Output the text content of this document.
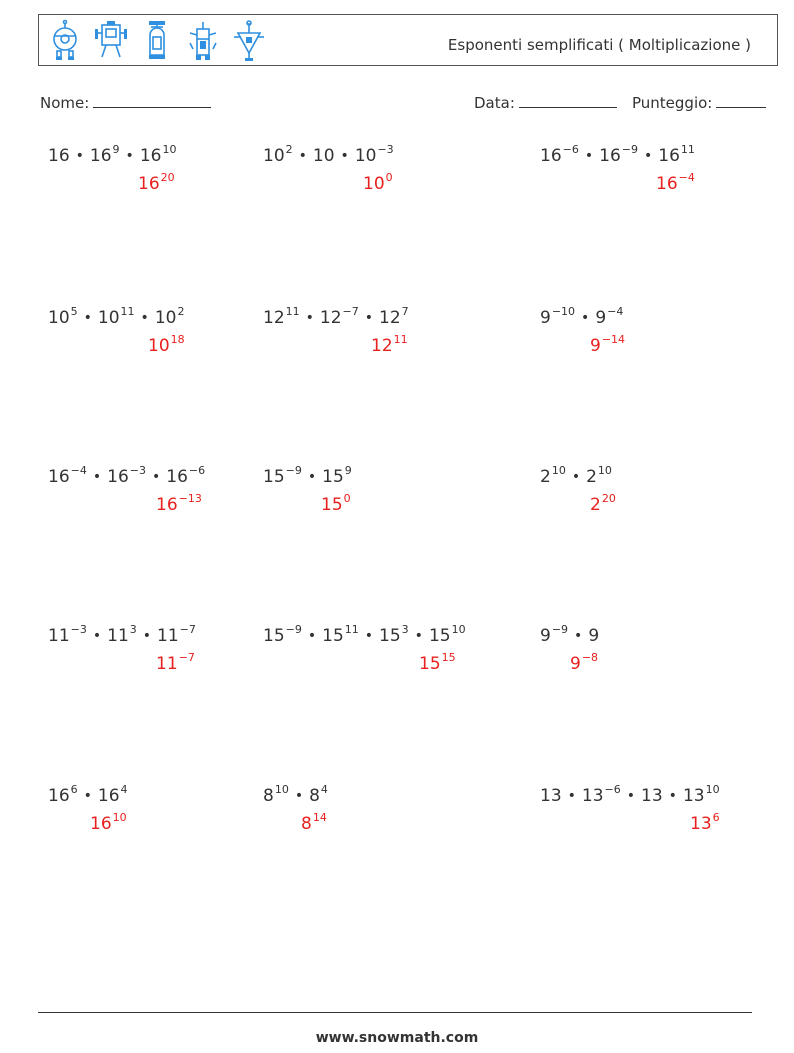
Esponenti semplificati ( Moltiplicazione )
Nome:	Data:	Punteggio:
16 • $16^9$ • $16^{10}$
$16^{20}$
$10^2$ • 10 • $10^{-3}$
$10^0$
$16^{-6}$ • $16^{-9}$ • $16^{11}$
$16^{-4}$
$10^5$ • $10^{11}$ • $10^2$
$10^{18}$
$12^{11}$ • $12^{-7}$ • $12^7$
$12^{11}$
$9^{-10}$ • $9^{-4}$
$9^{-14}$
$16^{-4}$ • $16^{-3}$ • $16^{-6}$
$16^{-13}$
$15^{-9}$ • $15^9$
$15^0$
$2^{10}$ • $2^{10}$
$2^{20}$
$11^{-3}$ • $11^3$ • $11^{-7}$
$11^{-7}$
$15^{-9}$ • $15^{11}$ • $15^3$ • $15^{10}$
$15^{15}$
$9^{-9}$ • 9
$9^{-8}$
$16^6$ • $16^4$
$16^{10}$
$8^{10}$ • $8^4$
$8^{14}$
13 • $13^{-6}$ • 13 • $13^{10}$
$13^6$
www.snowmath.com
